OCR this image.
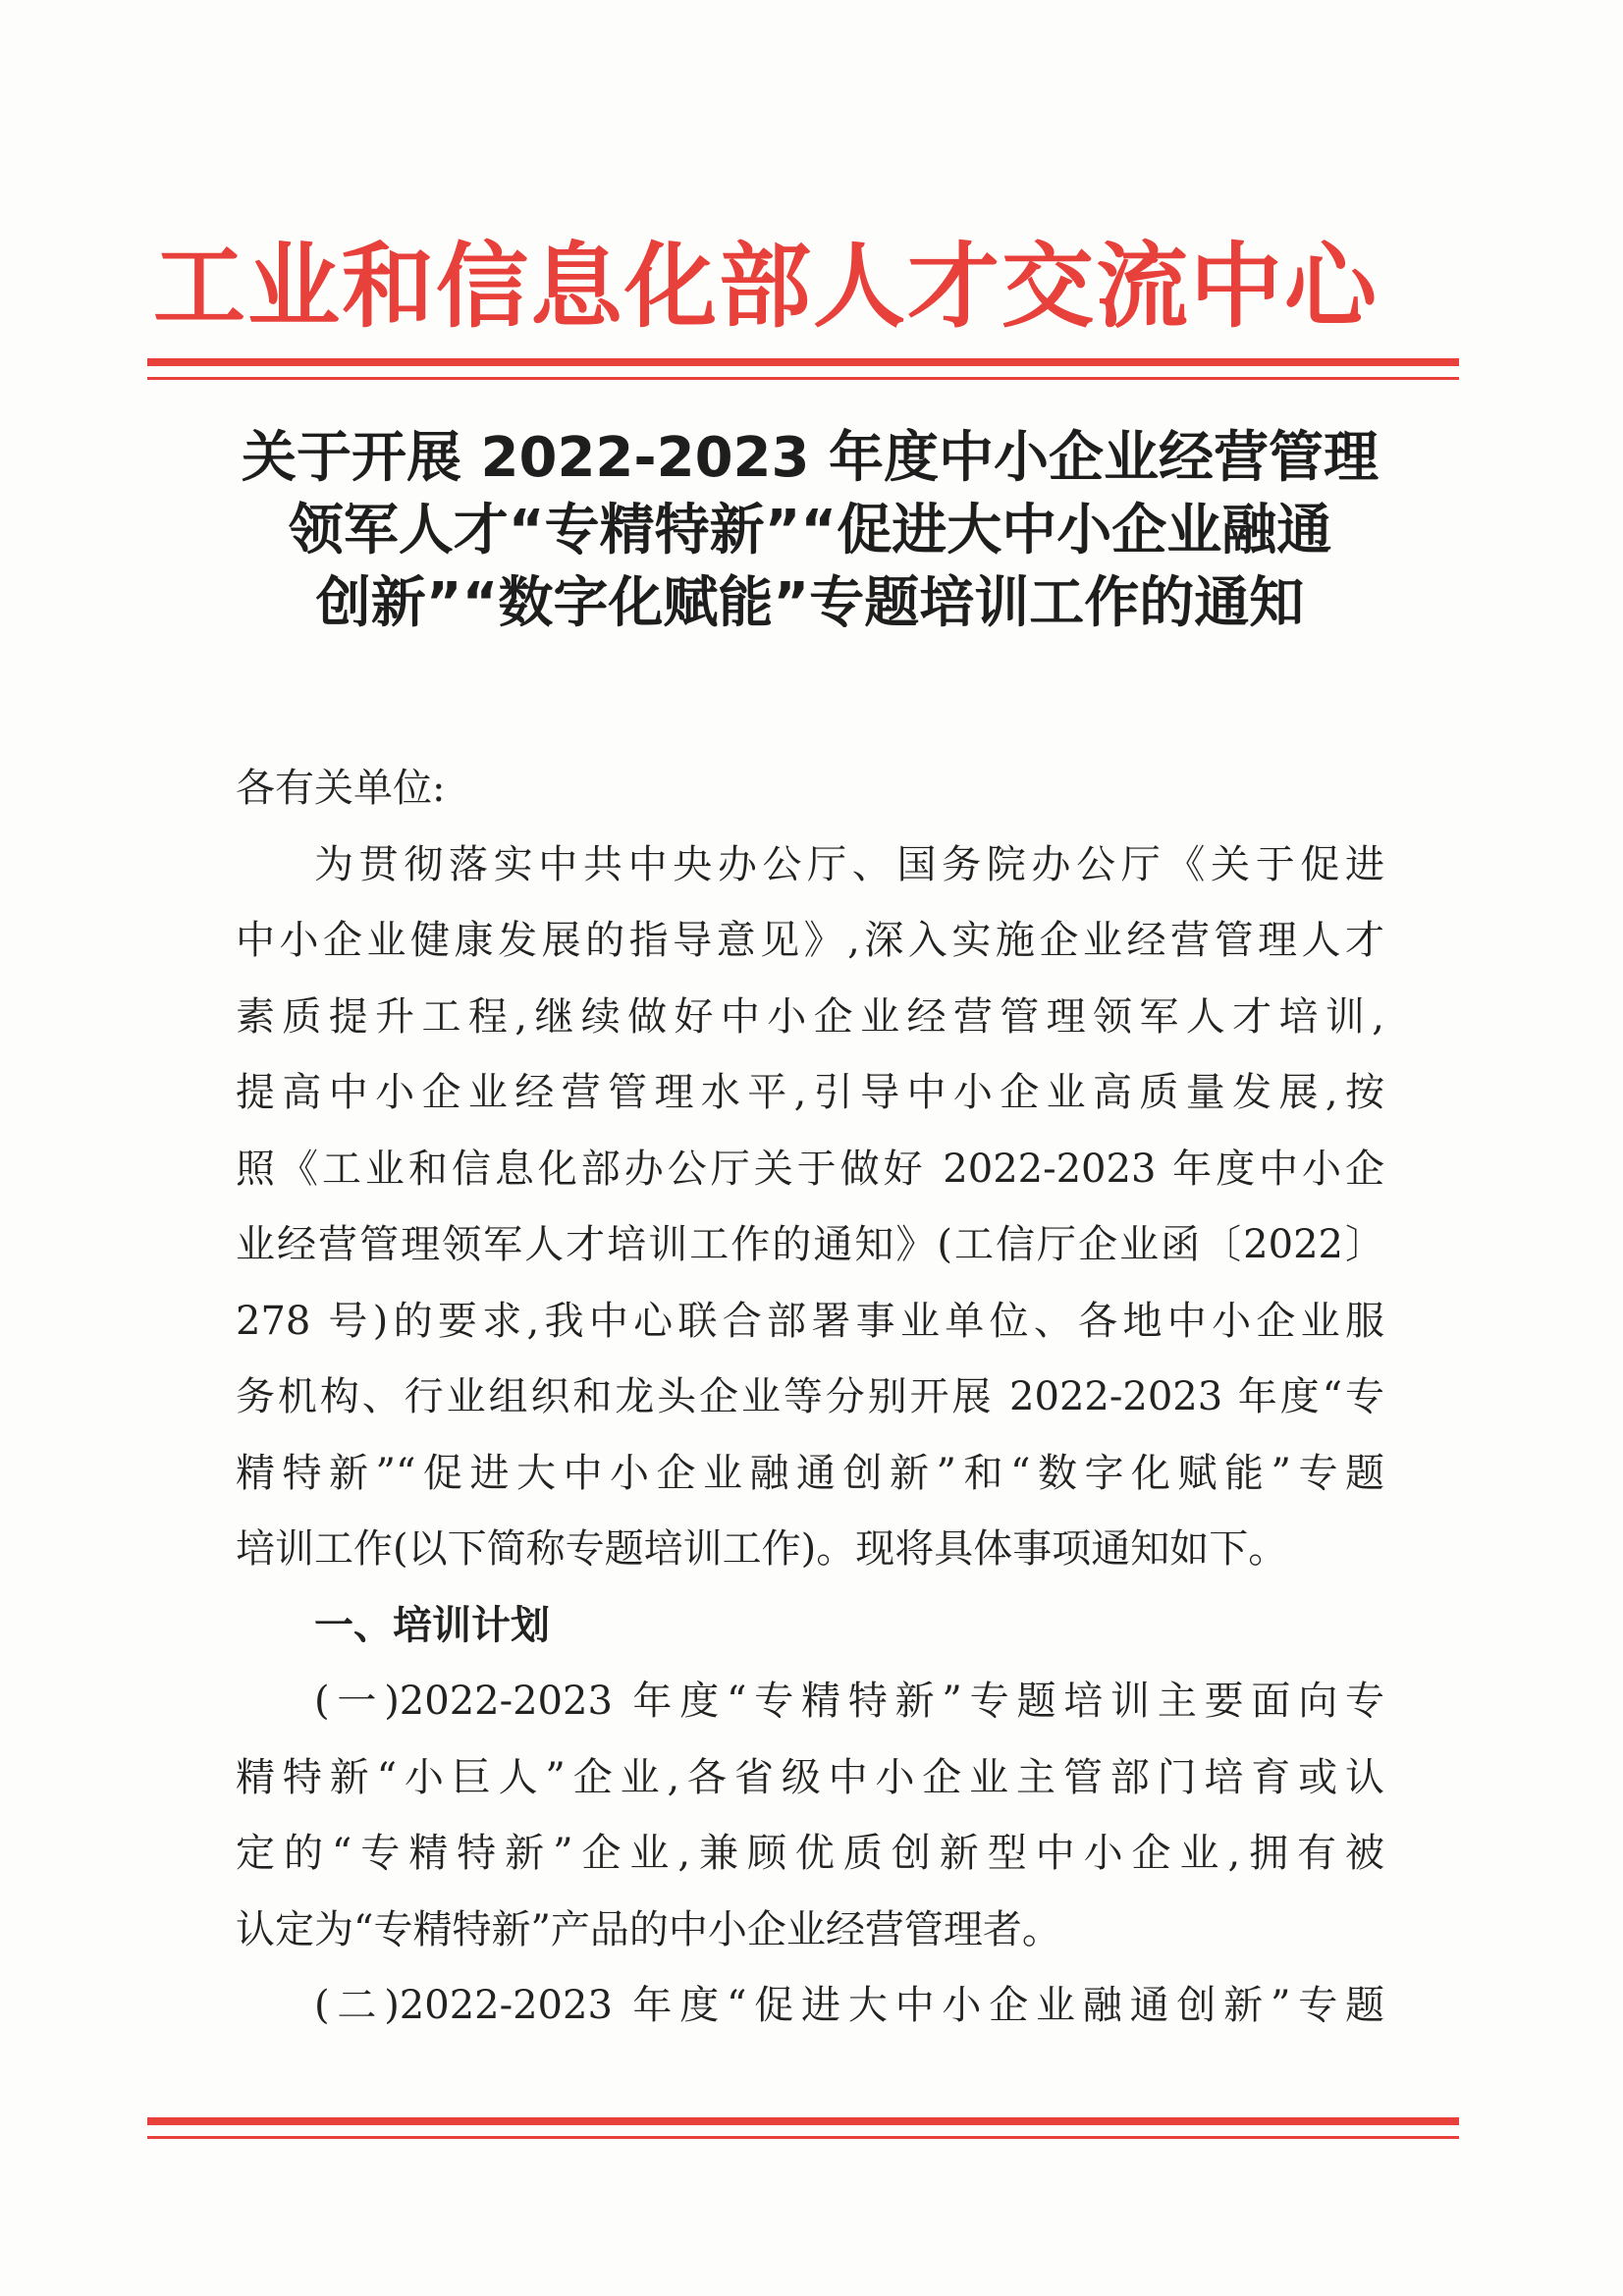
工业和信息化部人才交流中心
关于开展 2022-2023 年度中小企业经营管理
领军人才“专精特新”“促进大中小企业融通
创新”“数字化赋能”专题培训工作的通知
各有关单位:
为贯彻落实中共中央办公厅、国务院办公厅《关于促进
中小企业健康发展的指导意见》,深入实施企业经营管理人才
素质提升工程,继续做好中小企业经营管理领军人才培训,
提高中小企业经营管理水平,引导中小企业高质量发展,按
照《工业和信息化部办公厅关于做好 2022-2023 年度中小企
业经营管理领军人才培训工作的通知》(工信厅企业函〔2022〕
278 号)的要求,我中心联合部署事业单位、各地中小企业服
务机构、行业组织和龙头企业等分别开展 2022-2023 年度“专
精特新”“促进大中小企业融通创新”和“数字化赋能”专题
培训工作(以下简称专题培训工作)。现将具体事项通知如下。
一、培训计划
(一)2022-2023 年度“专精特新”专题培训主要面向专
精特新“小巨人”企业,各省级中小企业主管部门培育或认
定的“专精特新”企业,兼顾优质创新型中小企业,拥有被
认定为“专精特新”产品的中小企业经营管理者。
(二)2022-2023 年度“促进大中小企业融通创新”专题
